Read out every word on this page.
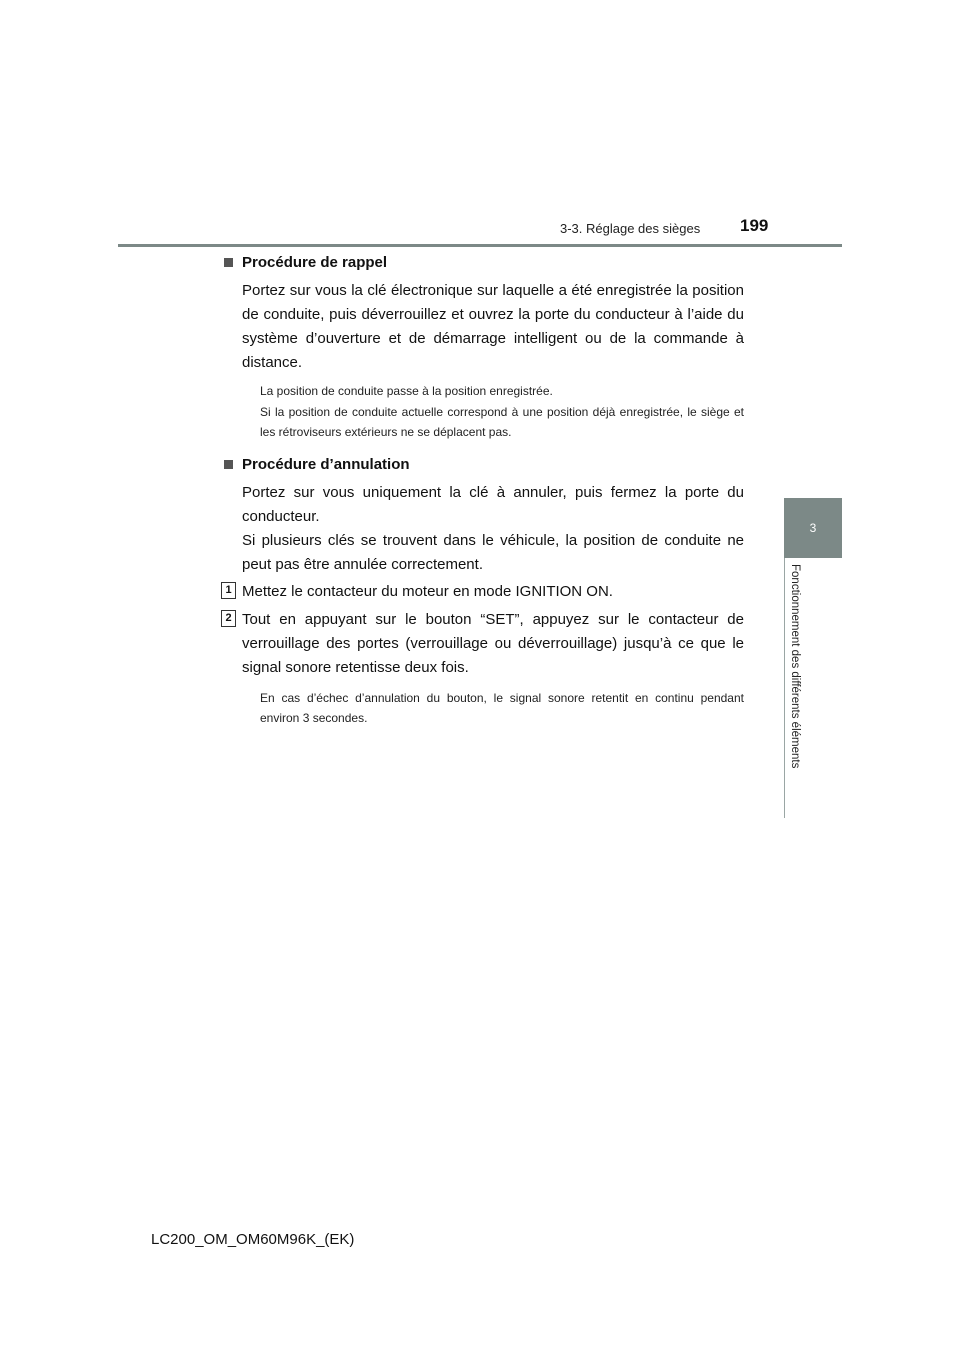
3-3. Réglage des sièges 199
3
Fonctionnement des différents éléments
Procédure de rappel
Portez sur vous la clé électronique sur laquelle a été enregistrée la position de conduite, puis déverrouillez et ouvrez la porte du conducteur à l’aide du système d’ouverture et de démarrage intelligent ou de la commande à distance.
La position de conduite passe à la position enregistrée.
Si la position de conduite actuelle correspond à une position déjà enregistrée, le siège et les rétroviseurs extérieurs ne se déplacent pas.
Procédure d’annulation
Portez sur vous uniquement la clé à annuler, puis fermez la porte du conducteur.
Si plusieurs clés se trouvent dans le véhicule, la position de conduite ne peut pas être annulée correctement.
1 Mettez le contacteur du moteur en mode IGNITION ON.
2 Tout en appuyant sur le bouton “SET”, appuyez sur le contacteur de verrouillage des portes (verrouillage ou déverrouillage) jusqu’à ce que le signal sonore retentisse deux fois.
En cas d’échec d’annulation du bouton, le signal sonore retentit en continu pendant environ 3 secondes.
LC200_OM_OM60M96K_(EK)
